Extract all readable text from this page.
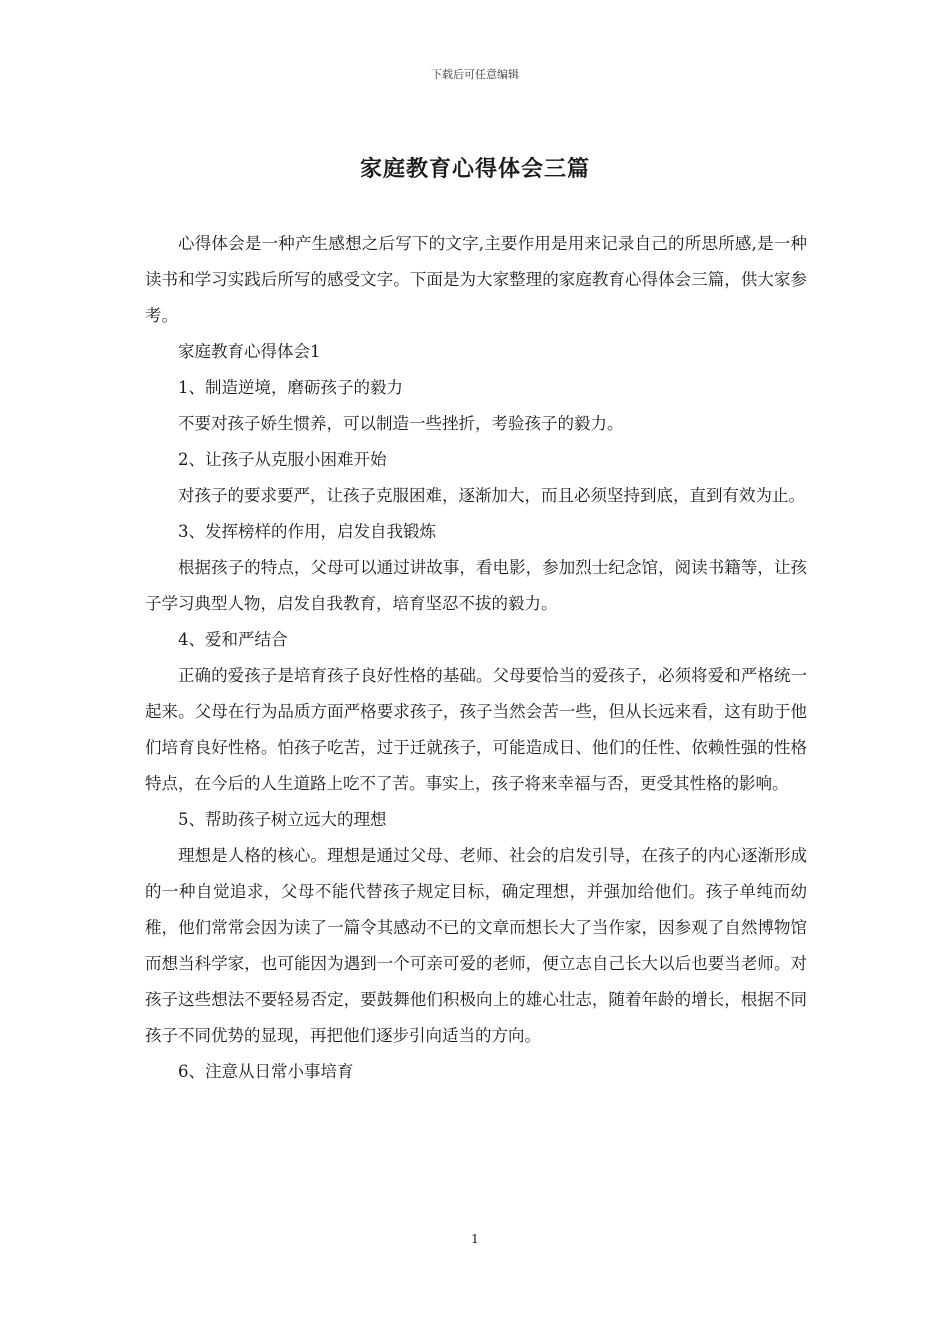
下载后可任意编辑
家庭教育心得体会三篇

心得体会是一种产生感想之后写下的文字,主要作用是用来记录自己的所思所感,是一种读书和学习实践后所写的感受文字。下面是为大家整理的家庭教育心得体会三篇，供大家参考。

家庭教育心得体会1

1、制造逆境，磨砺孩子的毅力

不要对孩子娇生惯养，可以制造一些挫折，考验孩子的毅力。

2、让孩子从克服小困难开始

对孩子的要求要严，让孩子克服困难，逐渐加大，而且必须坚持到底，直到有效为止。

3、发挥榜样的作用，启发自我锻炼

根据孩子的特点，父母可以通过讲故事，看电影，参加烈士纪念馆，阅读书籍等，让孩子学习典型人物，启发自我教育，培育坚忍不拔的毅力。

4、爱和严结合

正确的爱孩子是培育孩子良好性格的基础。父母要恰当的爱孩子，必须将爱和严格统一起来。父母在行为品质方面严格要求孩子，孩子当然会苦一些，但从长远来看，这有助于他们培育良好性格。怕孩子吃苦，过于迁就孩子，可能造成日、他们的任性、依赖性强的性格特点，在今后的人生道路上吃不了苦。事实上，孩子将来幸福与否，更受其性格的影响。

5、帮助孩子树立远大的理想

理想是人格的核心。理想是通过父母、老师、社会的启发引导，在孩子的内心逐渐形成的一种自觉追求，父母不能代替孩子规定目标，确定理想，并强加给他们。孩子单纯而幼稚，他们常常会因为读了一篇令其感动不已的文章而想长大了当作家，因参观了自然博物馆而想当科学家，也可能因为遇到一个可亲可爱的老师，便立志自己长大以后也要当老师。对孩子这些想法不要轻易否定，要鼓舞他们积极向上的雄心壮志，随着年龄的增长，根据不同孩子不同优势的显现，再把他们逐步引向适当的方向。

6、注意从日常小事培育

1
